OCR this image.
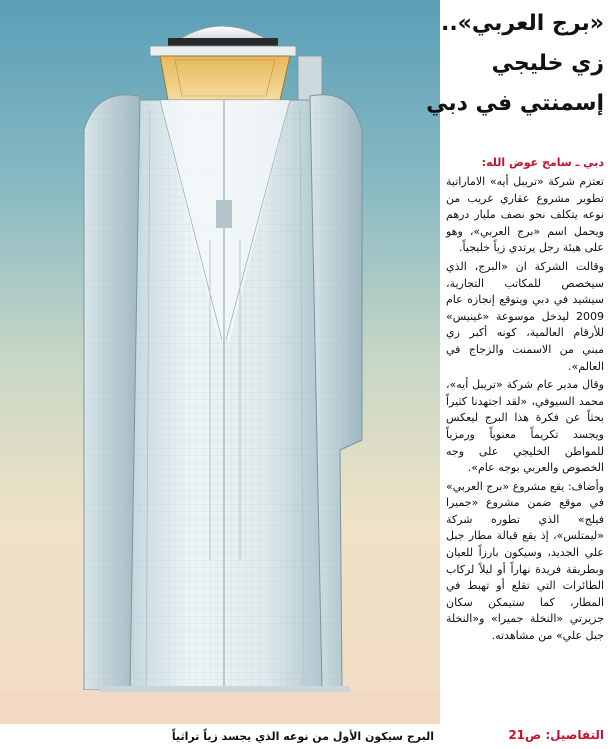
البرج سيكون الأول من نوعه الذي يجسد زياً تراثياً
«برج العربي»..
زي خليجي
إسمنتي في دبي
دبي ـ سامح عوض الله:

تعتزم شركة «تريبل أيه» الاماراتية تطوير مشروع عقاري غريب من نوعه يتكلف نحو نصف مليار درهم ويحمل اسم «برج العربي»، وهو على هيئة رجل يرتدي زياً خليجياً.

وقالت الشركة ان «البرج، الذي سيخصص للمكاتب التجارية، سيشيد في دبي ويتوقع إنجازه عام 2009 ليدخل موسوعة «غينيس» للأرقام العالمية، كونه أكبر زي مبني من الاسمنت والزجاج في العالم».

وقال مدير عام شركة «تريبل أيه»، محمد السيوفي، «لقد اجتهدنا كثيراً بحثاً عن فكرة هذا البرج ليعكس ويجسد تكريماً معنوياً ورمزياً للمواطن الخليجي على وجه الخصوص والعربي بوجه عام».

وأضاف: يقع مشروع «برج العربي» في موقع ضمن مشروع «جميرا فيلج» الذي تطوره شركة «ليمتلس»، إذ يقع قبالة مطار جبل علي الجديد، وسيكون بارزاً للعيان وبطريقة فريدة نهاراً أو ليلاً لركاب الطائرات التي تقلع أو تهبط في المطار، كما ستيمكن سكان جزيرتي «النخلة جميرا» و«النخلة جبل علي» من مشاهدته.

التفاصيل: ص21
